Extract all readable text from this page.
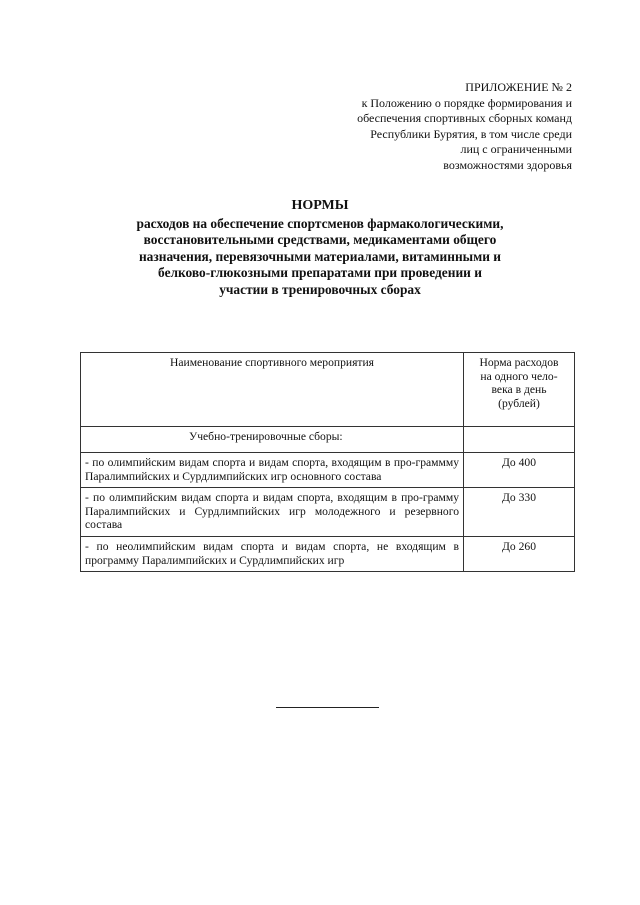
ПРИЛОЖЕНИЕ № 2
к Положению о порядке формирования и
обеспечения спортивных сборных команд
Республики Бурятия, в том числе среди
лиц с ограниченными
возможностями здоровья
НОРМЫ
расходов на обеспечение спортсменов фармакологическими,
восстановительными средствами, медикаментами общего
назначения, перевязочными материалами, витаминными и
белково-глюкозными препаратами при проведении и
участии в тренировочных сборах
Наименование спортивного мероприятия	Норма расходов
на одного чело-
века в день
(рублей)

Учебно-тренировочные сборы:	
- по олимпийским видам спорта и видам спорта, входящим в про-граммму Паралимпийских и Сурдлимпийских игр основного состава	До 400
- по олимпийским видам спорта и видам спорта, входящим в про-грамму Паралимпийских и Сурдлимпийских игр молодежного и резервного состава	До 330
- по неолимпийским видам спорта и видам спорта, не входящим в программу Паралимпийских и Сурдлимпийских игр	До 260
